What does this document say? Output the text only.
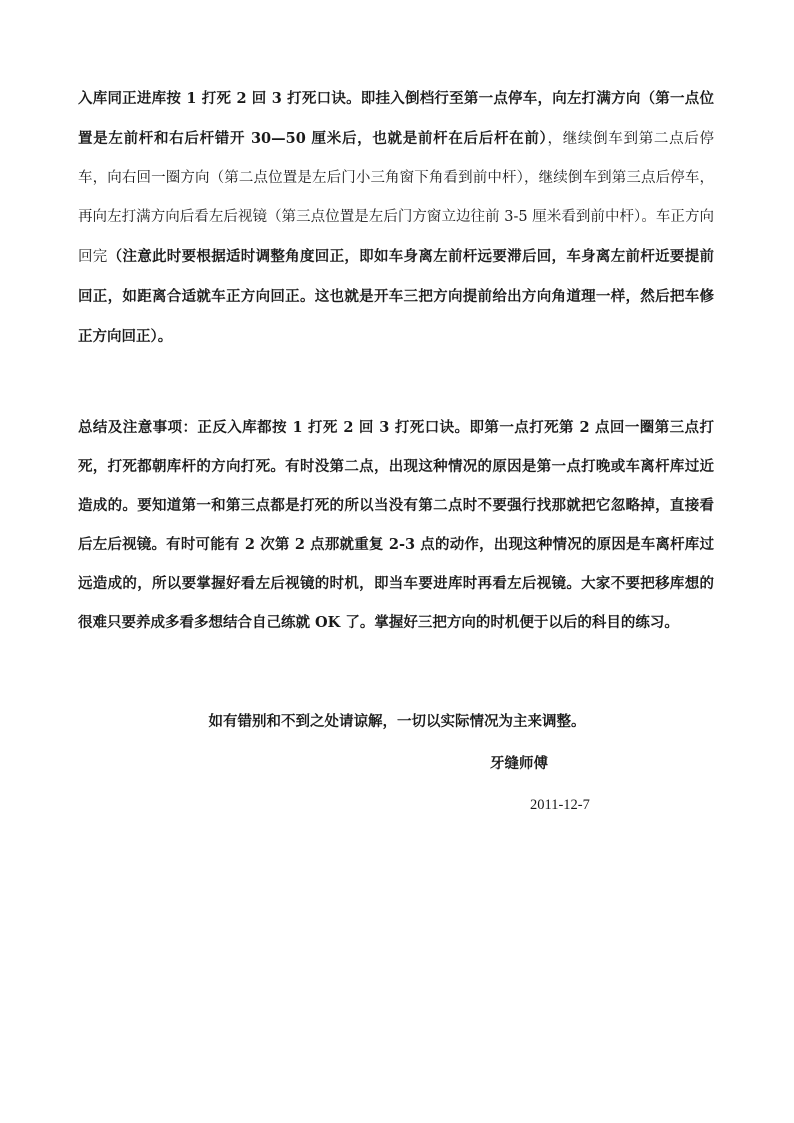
入库同正进库按 1 打死 2 回 3 打死口诀。即挂入倒档行至第一点停车，向左打满方向（第一点位置是左前杆和右后杆错开 30—50 厘米后，也就是前杆在后后杆在前），继续倒车到第二点后停车，向右回一圈方向（第二点位置是左后门小三角窗下角看到前中杆），继续倒车到第三点后停车，再向左打满方向后看左后视镜（第三点位置是左后门方窗立边往前 3-5 厘米看到前中杆）。车正方向回完（注意此时要根据适时调整角度回正，即如车身离左前杆远要滞后回，车身离左前杆近要提前回正，如距离合适就车正方向回正。这也就是开车三把方向提前给出方向角道理一样，然后把车修正方向回正）。

总结及注意事项：正反入库都按 1 打死 2 回 3 打死口诀。即第一点打死第 2 点回一圈第三点打死，打死都朝库杆的方向打死。有时没第二点，出现这种情况的原因是第一点打晚或车离杆库过近造成的。要知道第一和第三点都是打死的所以当没有第二点时不要强行找那就把它忽略掉，直接看后左后视镜。有时可能有 2 次第 2 点那就重复 2-3 点的动作，出现这种情况的原因是车离杆库过远造成的，所以要掌握好看左后视镜的时机，即当车要进库时再看左后视镜。大家不要把移库想的很难只要养成多看多想结合自己练就 OK 了。掌握好三把方向的时机便于以后的科目的练习。

如有错别和不到之处请谅解，一切以实际情况为主来调整。
牙缝师傅
2011-12-7
